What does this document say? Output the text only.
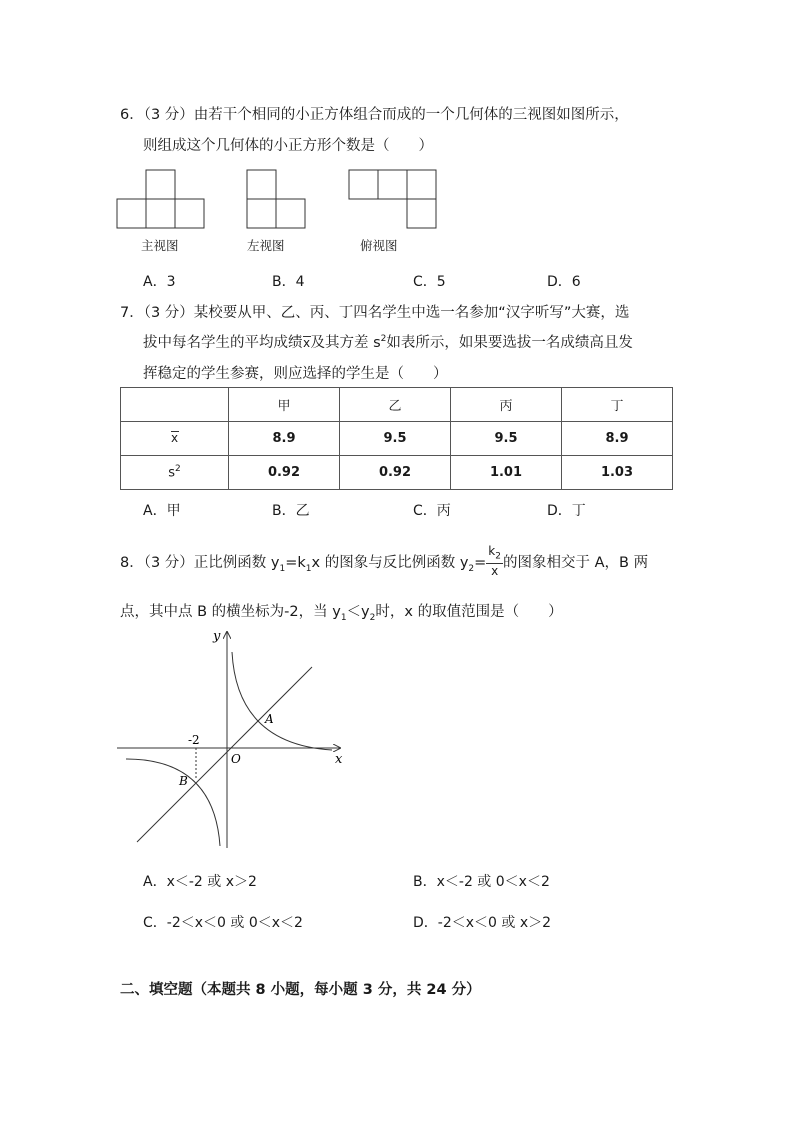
6．（3 分）由若干个相同的小正方体组合而成的一个几何体的三视图如图所示，
则组成这个几何体的小正方形个数是（　　）
主视图	左视图	俯视图
A．3	B．4	C．5	D．6
7．（3 分）某校要从甲、乙、丙、丁四名学生中选一名参加“汉字听写”大赛，选
拔中每名学生的平均成绩
x及其方差 $s^2$如表所示，如果要选拔一名成绩高且发
挥稳定的学生参赛，则应选择的学生是（　　）
	甲	乙	丙	丁

x	8.9	9.5	9.5	8.9
$s^2$	0.92	0.92	1.01	1.03
A．甲	B．乙	C．丙	D．丁
8．（3 分）正比例函数 $y_1=k_1x$ 的图象与反比例函数 $y_2= \frac{k_2}{x}$ 的图象相交于 A，B 两
点，其中点 B 的横坐标为-2，当 $y_1<y_2$时，x 的取值范围是（　　）
y
x
O
A
B
-2
A．x＜-2 或 x＞2	B．x＜-2 或 0＜x＜2
C．-2＜x＜0 或 0＜x＜2	D．-2＜x＜0 或 x＞2
二、填空题（本题共 8 小题，每小题 3 分，共 24 分）
